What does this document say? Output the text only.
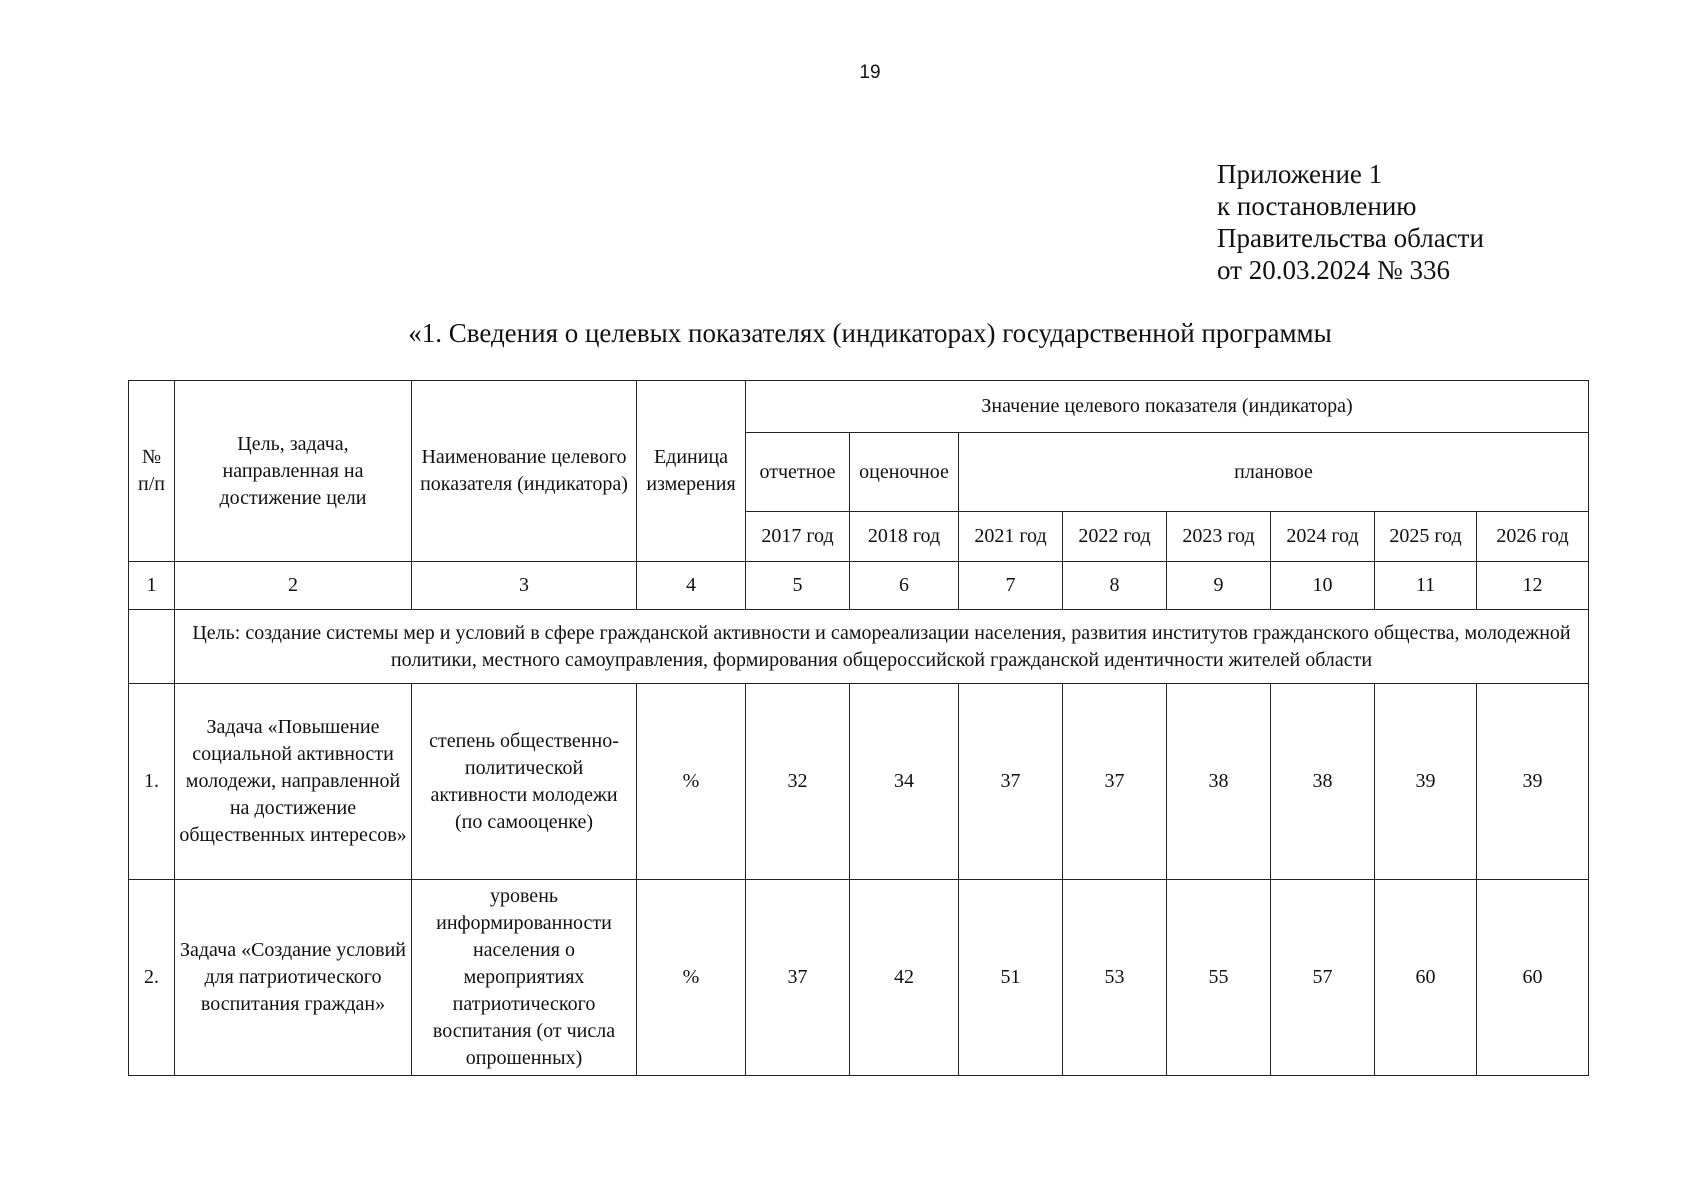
19
Приложение 1
к постановлению
Правительства области
от 20.03.2024 № 336
«1. Сведения о целевых показателях (индикаторах) государственной программы
№ п/п	Цель, задача, направленная на достижение цели	Наименование целевого показателя (индикатора)	Единица измерения	Значение целевого показателя (индикатора)							
				отчетное	оценочное	плановое					
				2017 год	2018 год	2021 год	2022 год	2023 год	2024 год	2025 год	2026 год
1	2	3	4	5	6	7	8	9	10	11	12
	Цель: создание системы мер и условий в сфере гражданской активности и самореализации населения, развития институтов гражданского общества, молодежной политики, местного самоуправления, формирования общероссийской гражданской идентичности жителей области										
1.	Задача «Повышение социальной активности молодежи, направленной на достижение общественных интересов»	степень общественно-политической активности молодежи (по самооценке)	%	32	34	37	37	38	38	39	39
2.	Задача «Создание условий для патриотического воспитания граждан»	уровень информированности населения о мероприятиях патриотического воспитания (от числа опрошенных)	%	37	42	51	53	55	57	60	60
